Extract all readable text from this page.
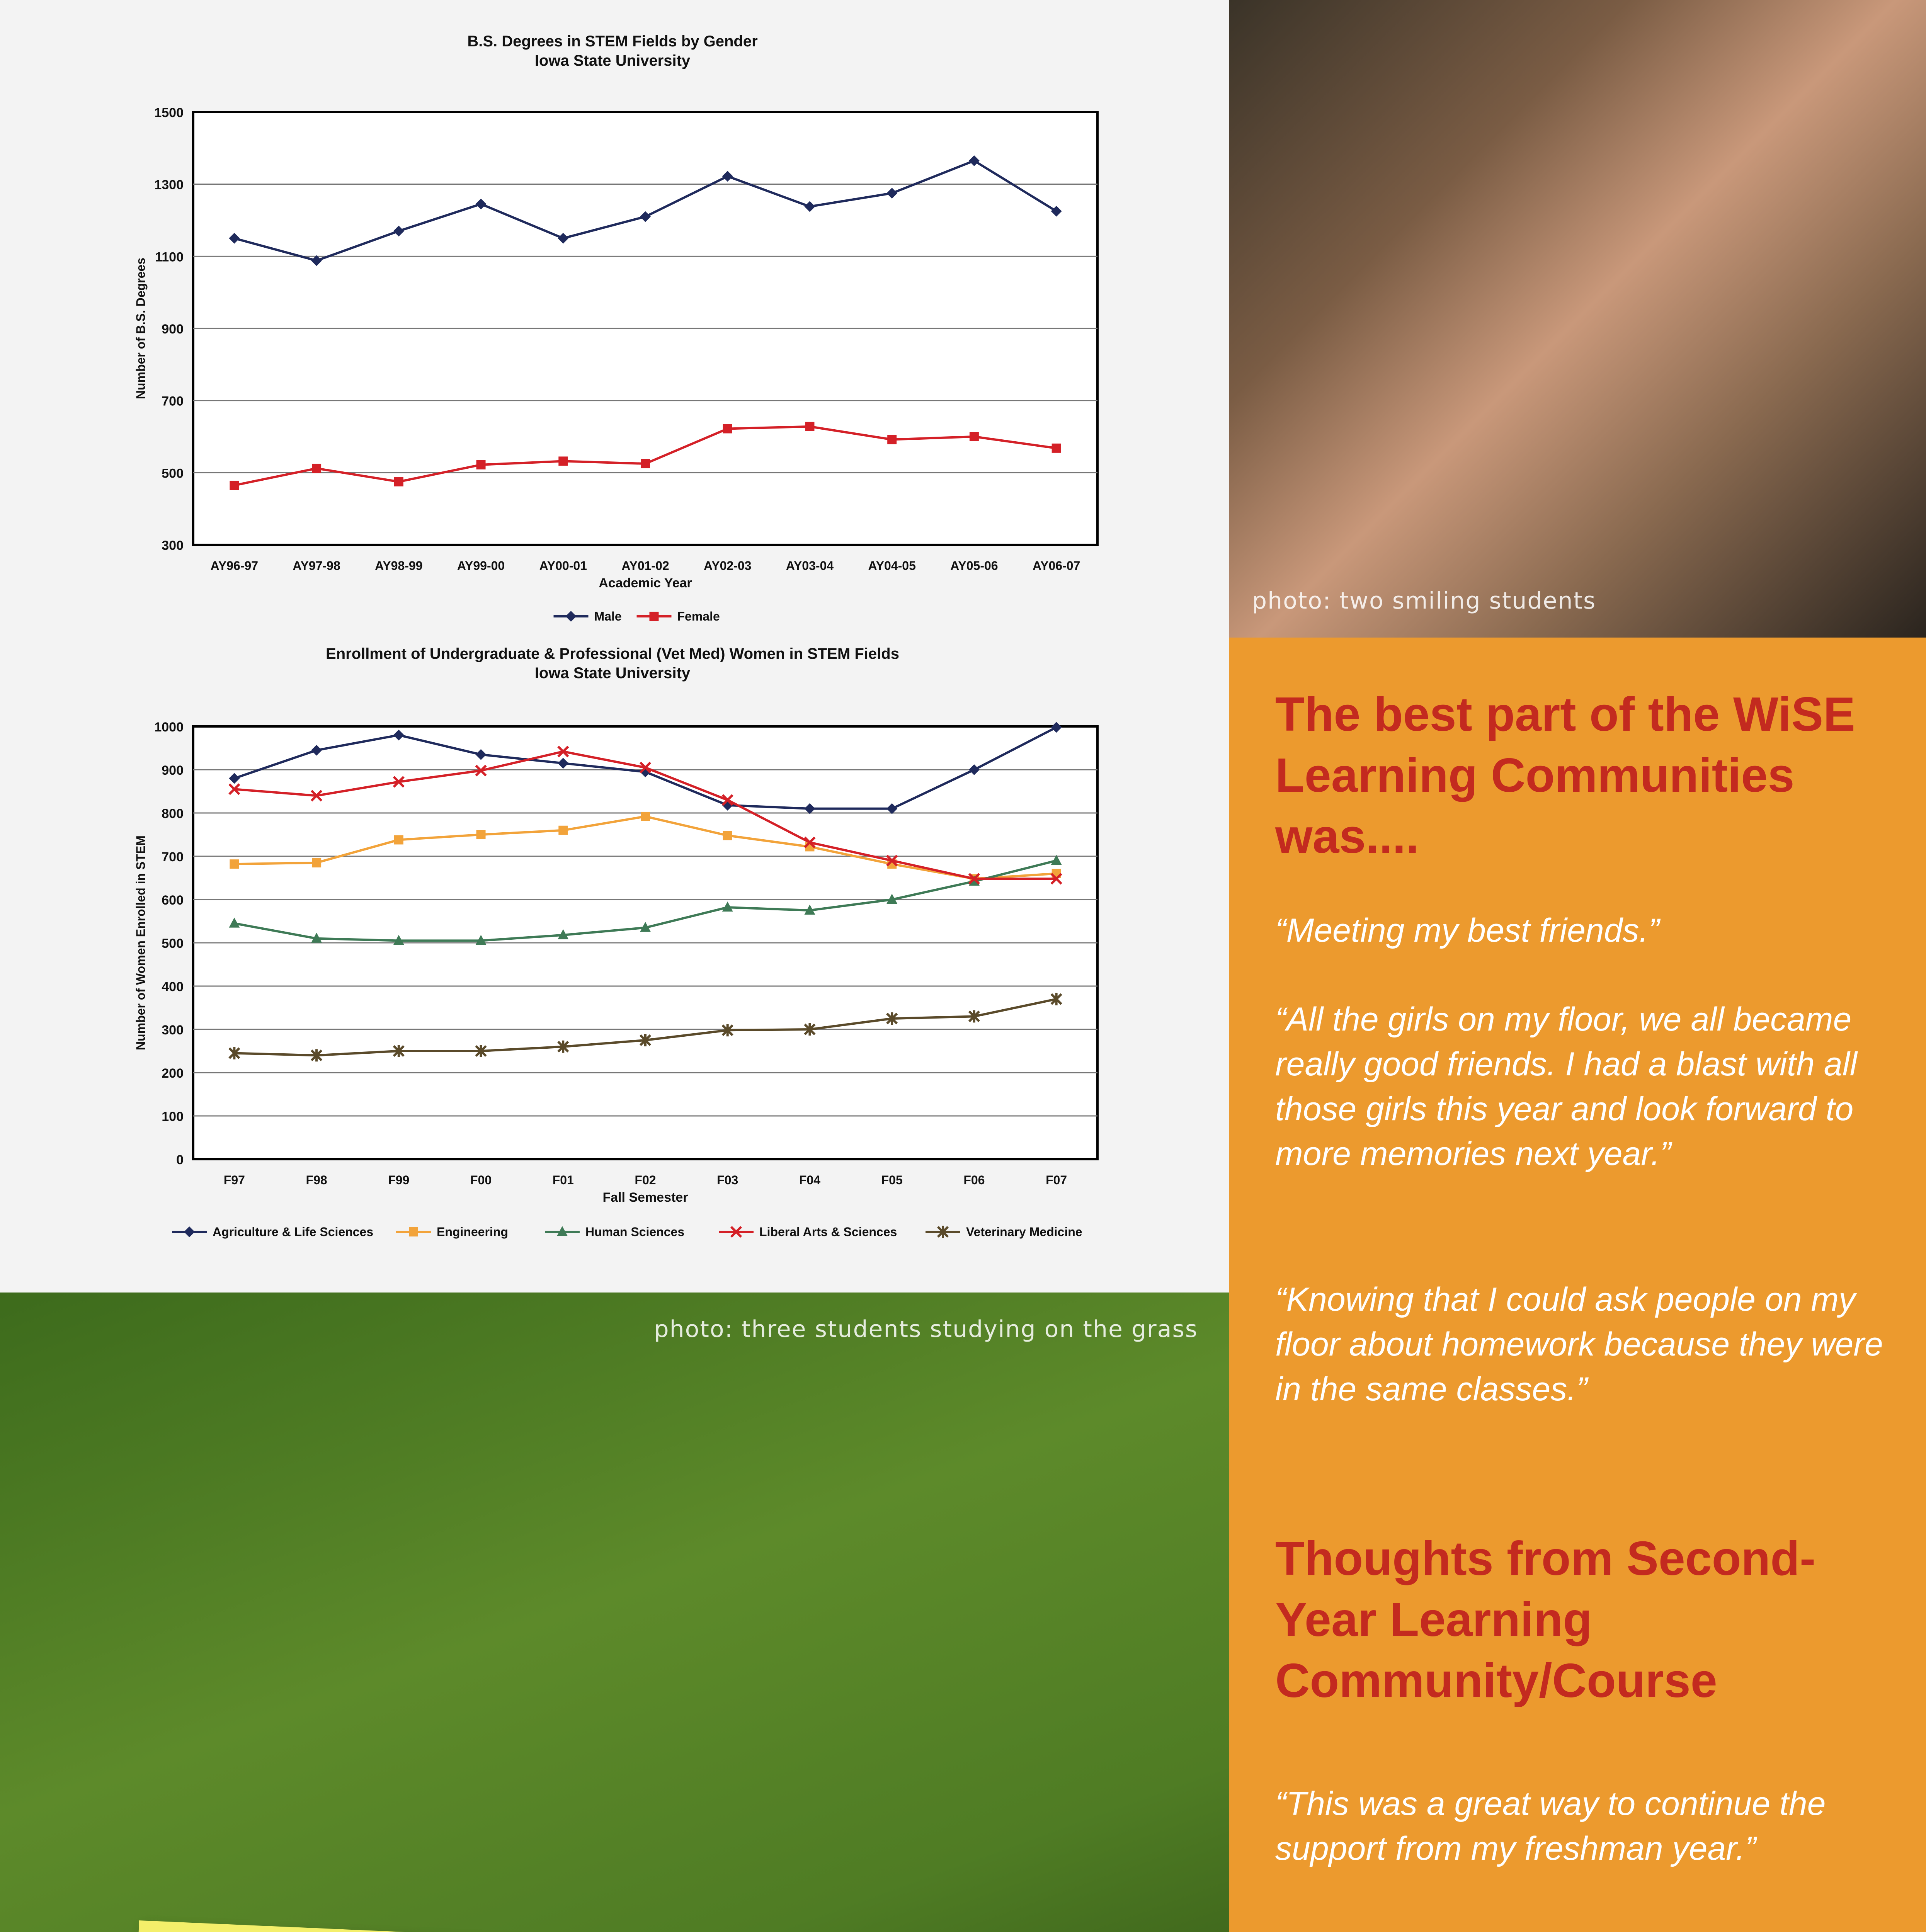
photo: two smiling students
B.S. Degrees in STEM Fields by Gender
Iowa State University
300
500
700
900
1100
1300
1500
AY96-97	AY97-98	AY98-99	AY99-00	AY00-01	AY01-02	AY02-03	AY03-04	AY04-05	AY05-06	AY06-07
Academic Year
Number of B.S. Degrees
Male	Female
Enrollment of Undergraduate & Professional (Vet Med) Women in STEM Fields
Iowa State University
0
100
200
300
400
500
600
700
800
900
1000
F97	F98	F99	F00	F01	F02	F03	F04	F05	F06	F07
Fall Semester
Number of Women Enrolled in STEM
Agriculture & Life Sciences	Engineering	Human Sciences	Liberal Arts & Sciences	Veterinary Medicine
photo: three students studying on the grass

The best part of the WiSE Learning Communities was....

“Meeting my best friends.”

“All the girls on my floor, we all became really good friends. I had a blast with all those girls this year and look forward to more memories next year.”

“Knowing that I could ask people on my floor about homework because they were in the same classes.”

Thoughts from Second-Year Learning Community/Course

“This was a great way to continue the support from my freshman year.”
